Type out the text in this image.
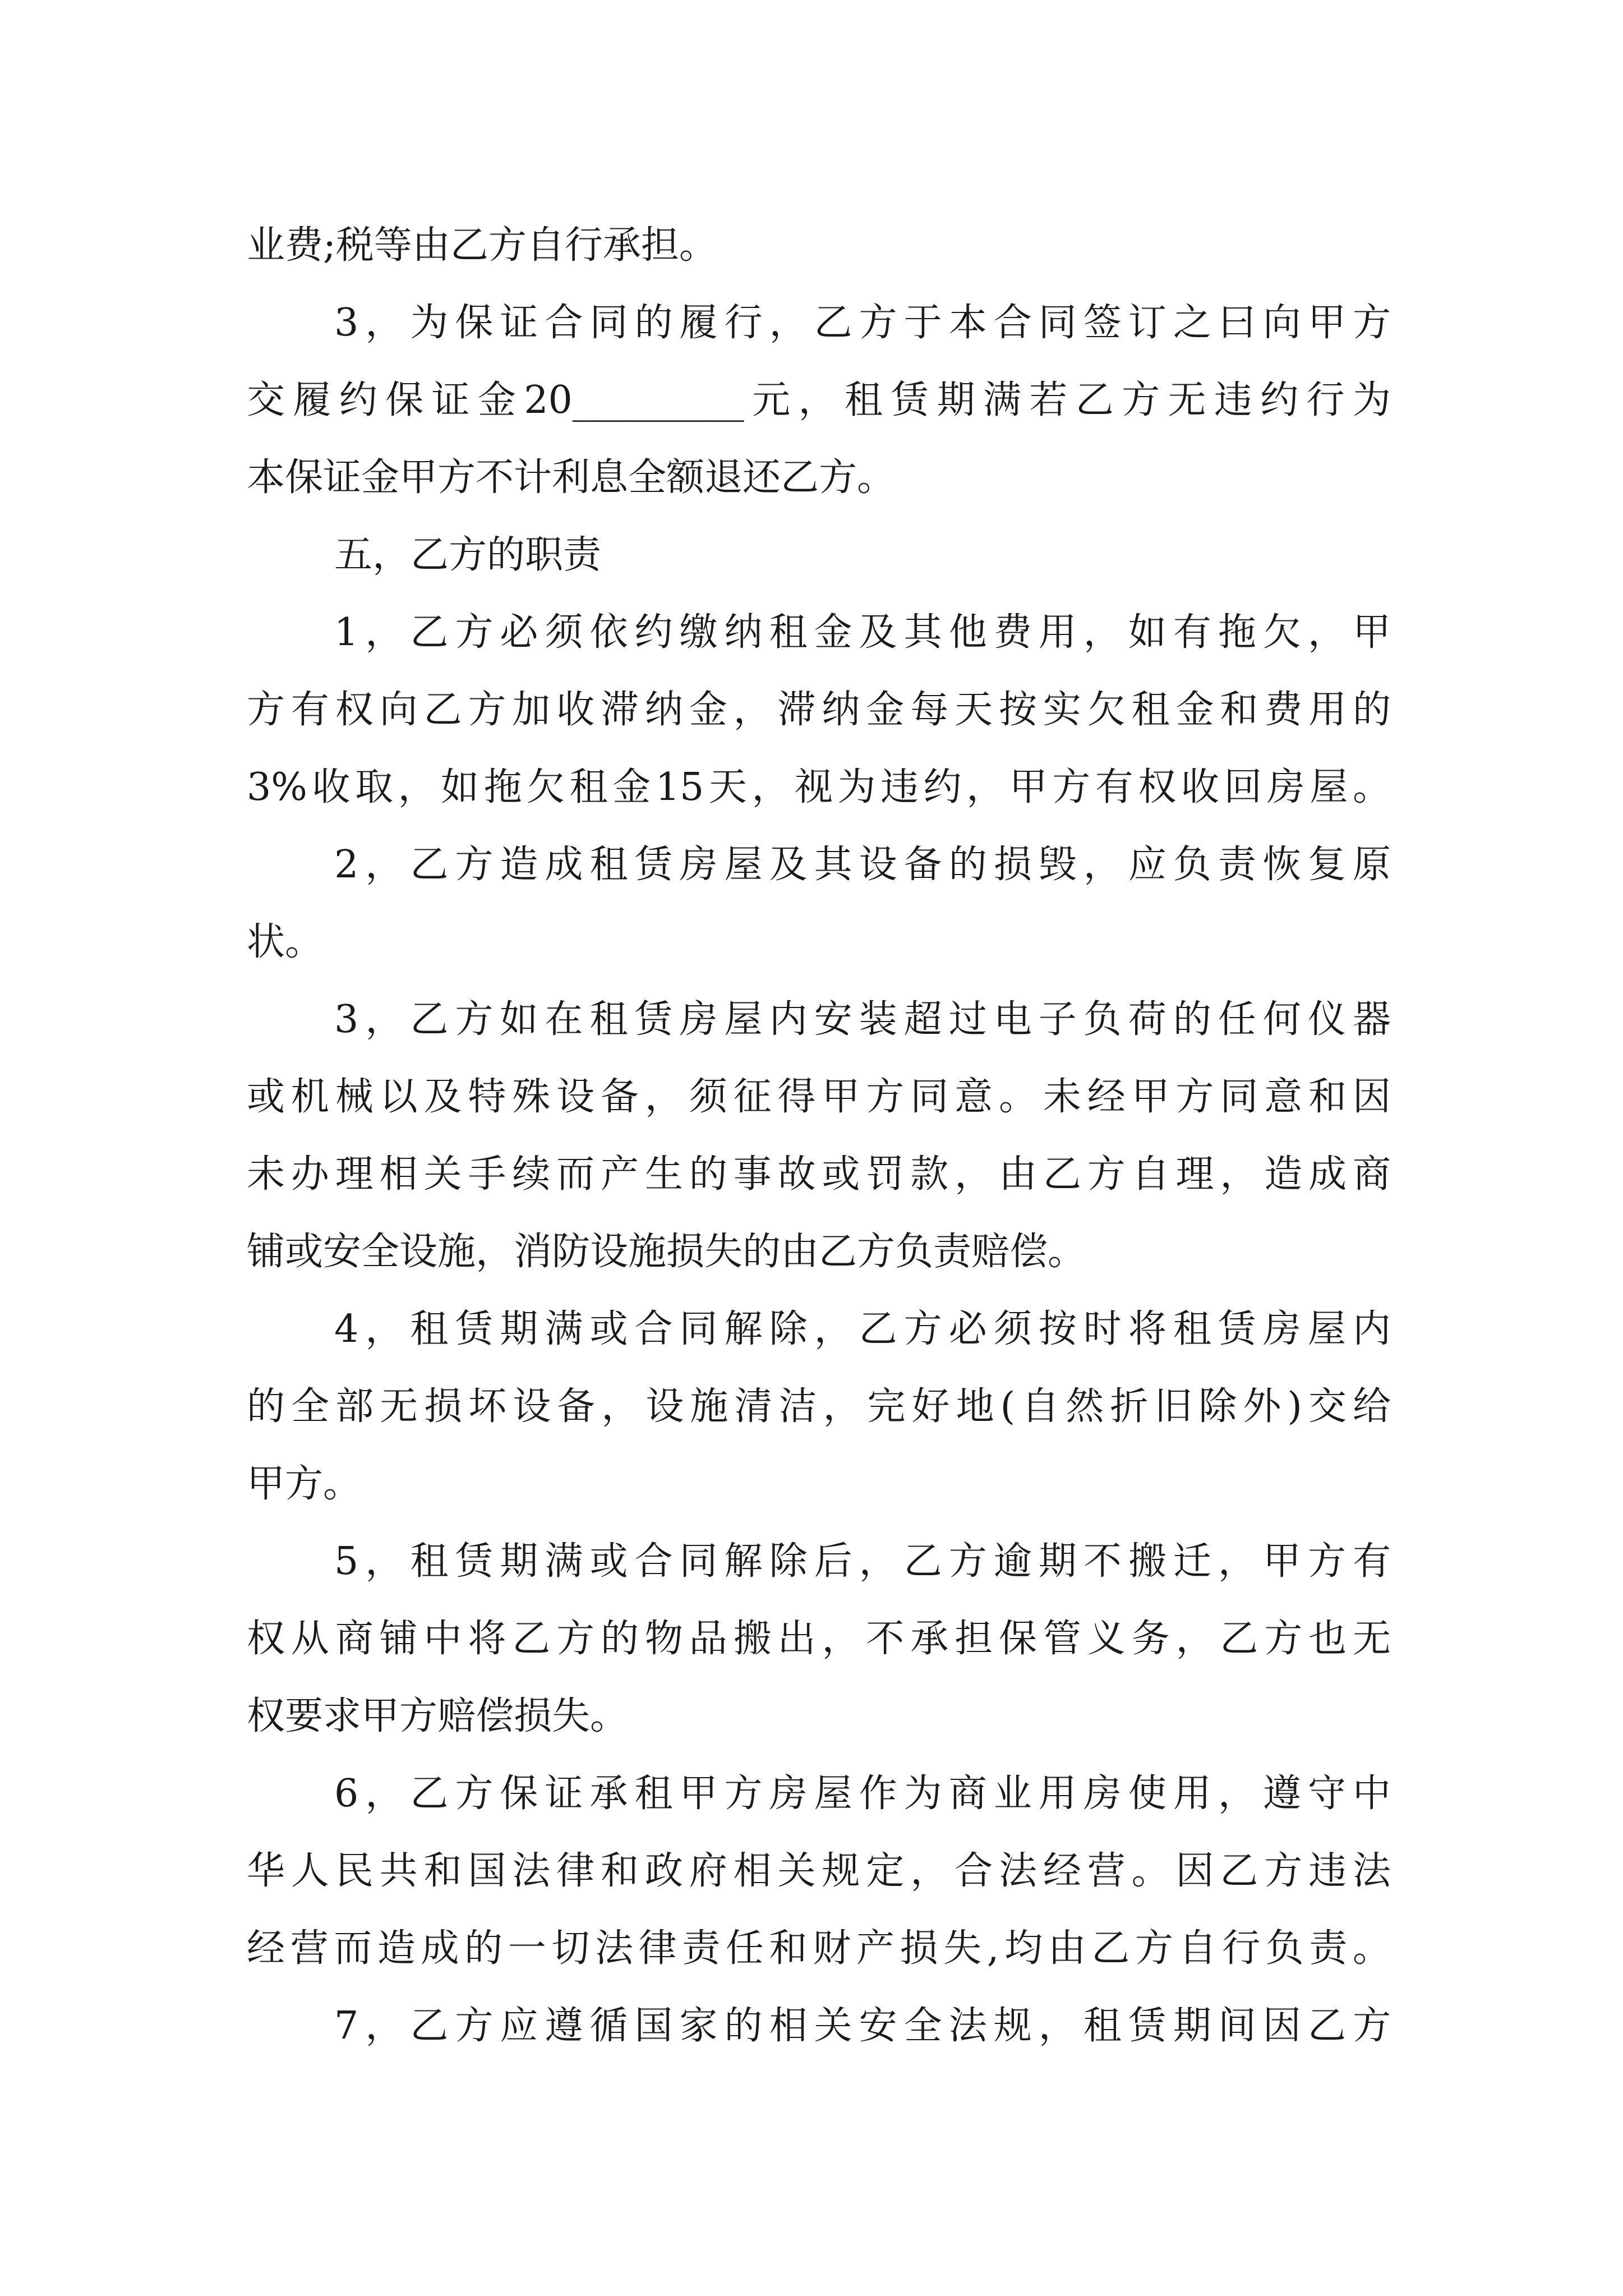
业费;税等由乙方自行承担。
3，为保证合同的履行，乙方于本合同签订之曰向甲方
交履约保证金20_________元，租赁期满若乙方无违约行为
本保证金甲方不计利息全额退还乙方。
五，乙方的职责
1，乙方必须依约缴纳租金及其他费用，如有拖欠，甲
方有权向乙方加收滞纳金，滞纳金每天按实欠租金和费用的
3%收取，如拖欠租金15天，视为违约，甲方有权收回房屋。
2，乙方造成租赁房屋及其设备的损毁，应负责恢复原
状。
3，乙方如在租赁房屋内安装超过电子负荷的任何仪器
或机械以及特殊设备，须征得甲方同意。未经甲方同意和因
未办理相关手续而产生的事故或罚款，由乙方自理，造成商
铺或安全设施，消防设施损失的由乙方负责赔偿。
4，租赁期满或合同解除，乙方必须按时将租赁房屋内
的全部无损坏设备，设施清洁，完好地(自然折旧除外)交给
甲方。
5，租赁期满或合同解除后，乙方逾期不搬迁，甲方有
权从商铺中将乙方的物品搬出，不承担保管义务，乙方也无
权要求甲方赔偿损失。
6，乙方保证承租甲方房屋作为商业用房使用，遵守中
华人民共和国法律和政府相关规定，合法经营。因乙方违法
经营而造成的一切法律责任和财产损失,均由乙方自行负责。
7，乙方应遵循国家的相关安全法规，租赁期间因乙方
